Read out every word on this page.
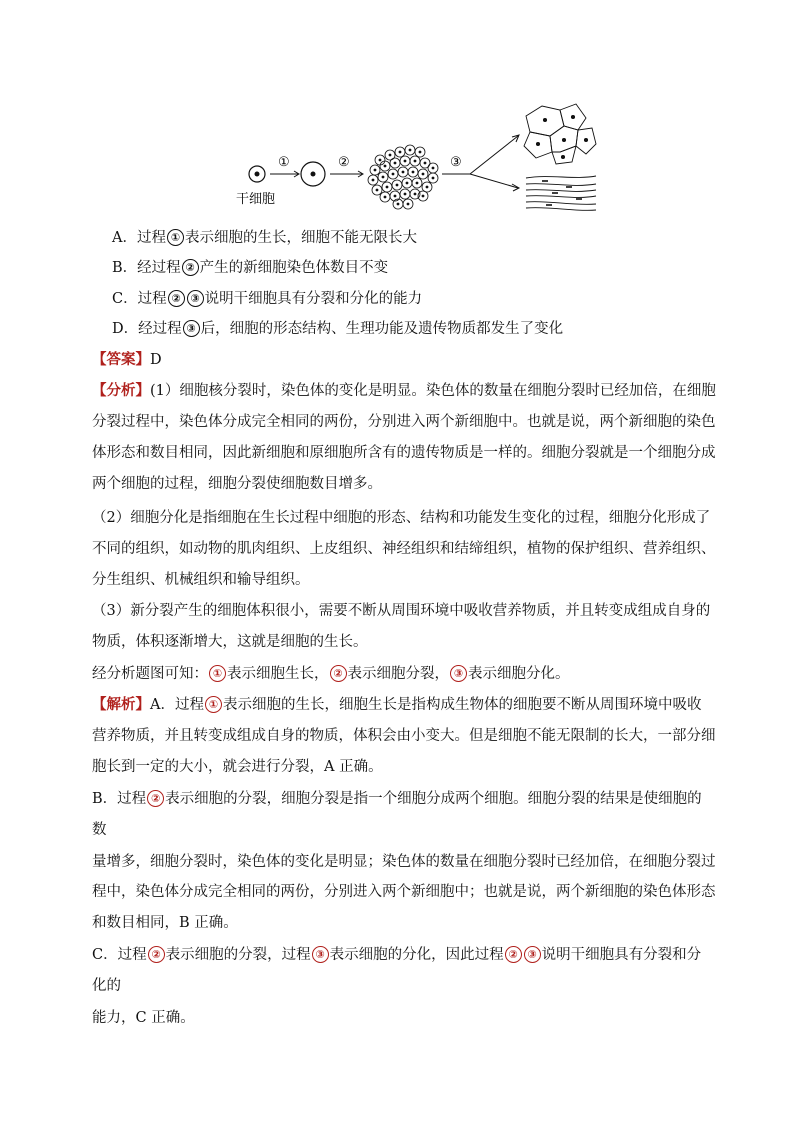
①	②	③
干细胞
A．过程 ① 表示细胞的生长，细胞不能无限长大
B．经过程 ② 产生的新细胞染色体数目不变
C．过程 ② ③ 说明干细胞具有分裂和分化的能力
D．经过程 ③ 后，细胞的形态结构、生理功能及遗传物质都发生了变化
【答案】D
【分析】(1）细胞核分裂时，染色体的变化是明显。染色体的数量在细胞分裂时已经加倍，在细胞
分裂过程中，染色体分成完全相同的两份，分别进入两个新细胞中。也就是说，两个新细胞的染色
体形态和数目相同，因此新细胞和原细胞所含有的遗传物质是一样的。细胞分裂就是一个细胞分成
两个细胞的过程，细胞分裂使细胞数目增多。
（2）细胞分化是指细胞在生长过程中细胞的形态、结构和功能发生变化的过程，细胞分化形成了
不同的组织，如动物的肌肉组织、上皮组织、神经组织和结缔组织，植物的保护组织、营养组织、
分生组织、机械组织和输导组织。
（3）新分裂产生的细胞体积很小，需要不断从周围环境中吸收营养物质，并且转变成组成自身的
物质，体积逐渐增大，这就是细胞的生长。
经分析题图可知： ① 表示细胞生长， ② 表示细胞分裂， ③ 表示细胞分化。
【解析】A．过程 ① 表示细胞的生长，细胞生长是指构成生物体的细胞要不断从周围环境中吸收
营养物质，并且转变成组成自身的物质，体积会由小变大。但是细胞不能无限制的长大，一部分细
胞长到一定的大小，就会进行分裂，A 正确。
B．过程 ② 表示细胞的分裂，细胞分裂是指一个细胞分成两个细胞。细胞分裂的结果是使细胞的
数
量增多，细胞分裂时，染色体的变化是明显；染色体的数量在细胞分裂时已经加倍，在细胞分裂过
程中，染色体分成完全相同的两份，分别进入两个新细胞中；也就是说，两个新细胞的染色体形态
和数目相同，B 正确。
C．过程 ② 表示细胞的分裂，过程 ③ 表示细胞的分化，因此过程 ② ③ 说明干细胞具有分裂和分
化的
能力，C 正确。
